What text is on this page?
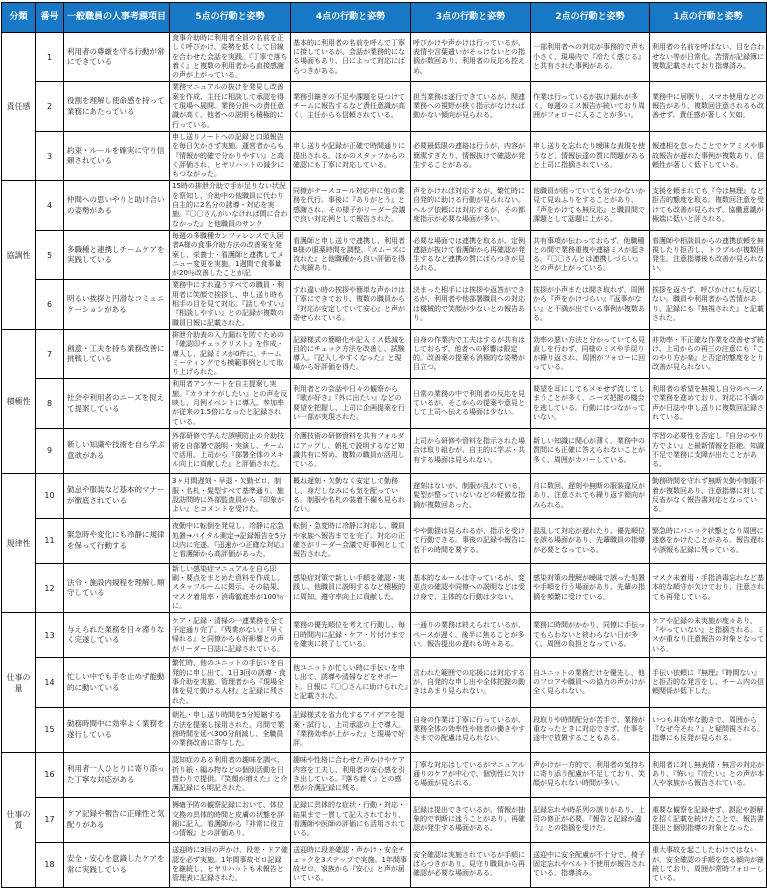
分類	番号	一般職員の人事考課項目	5点の行動と姿勢	4点の行動と姿勢	3点の行動と姿勢	2点の行動と姿勢	1点の行動と姿勢
責任感	1	利用者の尊厳を守る行動が常にできている	食事介助時に利用者全員の名前を正しく呼びかけ、姿勢を低くして目線を合わせた会話を実践。『丁寧で落ち着く』と複数の利用者から直接感謝の声が上がっている。	基本的に利用者の名前を呼んで丁寧に接しているが、会話が業務的になる場面もあり、日によって対応にばらつきがある。	呼びかけや声かけは行っているが、表情や言葉遣いがそっけないとの指摘が数回あり、利用者の反応も控えめ。	一部利用者への対応が事務的で声も小さく、現場内で『冷たく感じる』と共有された事例がある。	利用者の名前を呼ばない、目を合わせない等が日常化。苦情が記録簿に複数記載されており指導済み。
	2	役割を理解し使命感を持って業務にあたっている	業務マニュアルの抜けを発見し改善案を作成、主任に相談して承認を得て現場へ展開。業務分担への責任意識が高く、他者への説明も積極的に行っている。	業務引継ぎの不足や課題を見つけてチームに報告するなど責任意識が高く、主任からも信頼されている。	担当業務は遂行できているが、関連業務への視野が狭く指示がなければ動かない傾向が見られる。	作業は行っているが抜け漏れが多く、毎週のミス報告が続いており周囲がフォローに入ることが多い。	業務中に居眠り、スマホ使用などの報告があり、複数回注意されるも改善せず、責任感が著しく欠如。
	3	約束・ルールを確実に守り信頼されている	申し送りノートへの記録と口頭報告を毎日欠かさず実施。運営者からも『情報が的確で分かりやすい』と高く評価され、ヒヤリハットの減少にもつながった。	申し送りや記録が正確で時間通りに提出される。ほかのスタッフからの確認にも丁寧に対応している。	必要最低限の連絡は行うが、内容が簡潔すぎたり、情報抜けで確認が発生することがある。	申し送りを忘れたり曖昧な表現を使うなど、情報伝達の質に問題があると上司に指摘されている。	報連相を怠ったことでケアミスや事故報告が遅れた事例が複数あり、信頼性が著しく低下している。
協調性	4	仲間への思いやりと助け合いの姿勢がある	15時の排泄介助で手が足りない状況を察知し、介助中の他職員に代わり自主的に2名分の誘導・対応を実施。『〇〇さんがいなければ間に合わなかった』と他職員のサンク	同僚がナースコール対応中に他の業務を代行。事後に『ありがとう』と感謝され、その様子がリーダー会議で良い対応例として報告された。	声をかければ対応するが、繁忙時に自発的に助ける行動が見られない。ヘルプ依頼には対応するが、その都度指示が必要な場面が多い。	他職員が困っていても気づかないか見て見ぬふりをすることがあり、『声をかけても無反応』と職員間で課題として話題に上がる。	支援を頼まれても『今は無理』など拒否的態度を取る。複数回注意を受けても改善が見られず、協働意識が極端に低いと評される。
	5	多職種と連携しチームケアを実践している	毎週の多職種カンファレンスで入居者A様の食事介助方法の改善案を発案し、栄養士・看護師と連携してメニュー変更を実施。1週間で食事量が20％改善したことが記	看護師と申し送りで連携し、利用者B様の服薬時間を調整。『スムーズに流れた』と他職種から良い評価を得た実績あり。	必要な場面では連携を取るが、定例連絡が抜けて看護師から再確認が発生するなど連携の質にばらつきが見られる。	共有事項が伝わっておらず、他職種との間で業務重複や連絡ミスが起きる。『〇〇さんとは連携しづらい』との声が上がっている。	看護師や相談員からの連携依頼を無視したり拒否し、トラブルが複数回発生。注意指導後も改善が見られない。
	6	明るい挨拶と円滑なコミュニケーションがある	業務中にすれ違うすべての職員・利用者に笑顔で挨拶し、申し送り時も相手の目を見て対応。『話しやすい』『相談しやすい』との記録が複数の職員日報に記載された。	すれ違い時の挨拶や簡単な声かけは丁寧にできており、複数の職員から『対応が安定していて安心』と声が寄せられている。	決まった相手には挨拶や返答ができるが、利用者や他部署職員への対応は機械的で笑顔が少ないとの報告あり。	挨拶が小声または聞き取れず、周囲から『声をかけづらい』『返事がない』と不満が出ている事例が複数ある。	挨拶を返さず、呼びかけにも反応しない。職員や利用者から苦情があり、記録にも『無視された』と記載された。
積極性	7	創意・工夫を持ち業務改善に挑戦している	排泄介助表の入力漏れを防ぐための『確認印チェックリスト』を作成・導入し、記録ミスが0件に。チームミーティングでも模範事例として取り上げられた。	記録様式の簡略化や記入ミス低減を目的にチェック方法を改善し、試験導入。『記入しやすくなった』と現場から好評価を得た。	自身の作業内で工夫はするが共有はしておらず、他者への影響は限定的。改善案の提案も消極的な姿勢が目立つ。	効率の悪い方法と分かっていても見直しを行わず、同様のミスや手戻りが繰り返され、周囲がフォローに回っている。	非効率・不正確な作業を改善せず続け、上司からの再三の注意にも『このやり方が楽』と否定的態度をとり改善が見られない。
	8	社会や利用者のニーズを捉えて提案している	利用者アンケートを自主提案し実施。『カラオケがしたい』との声を反映し、月例イベントに導入。参加率が従来の1.5倍になったと記録されている。	利用者との会話や日々の観察から『歌が好き』『外に出たい』などの要望を把握し、上司に企画提案を行い一部が実現された。	日常の業務の中で利用者の反応を見ているが、そこからの提案や意見として上司へ伝える場面は少ない。	要望を耳にしてもメモせず流してしまうことが多く、ニーズ把握の機会を逃している。行動にはつながっていない。	利用者の希望を無視し自分のペースで業務を進めており、対応に不満の声が日誌や申し送りに複数回記録されている。
	9	新しい知識や技術を自ら学ぶ意欲がある	外部研修で学んだ誤嚥防止の介助技術を自部署で説明・実演し、チームで活用。上司から『部署全体のスキル向上に貢献した』と評価された。	介護技術の研修資料を共有フォルダにアップし、朝礼で説明するなど知識共有に努め、複数の職員が活用している。	上司から研修や資料を指示された場合は取り組むが、自主的に学ぶ・共有する場面は見られない。	新しい知識に関心が薄く、業務中の質問にも正確に答えられないことが多く、周囲がカバーしている。	学習の必要性を否定し『自分のやり方でよい』と最新情報を拒絶。知識不足で業務に支障が出たことがある。
規律性	10	勤怠や服装など基本的マナーが徹底されている	3ヶ月間遅刻・早退・欠勤ゼロ、制服・名札・髪型すべて基準通り。施設訪問時に外部監査員から『印象がよい』とコメントを受けた。	概ね遅刻・欠勤なく安定して勤務し、身だしなみにも気を配っている。制服や名札の装着不備も見られない。	遅刻はないが、制服が乱れている、髪型が整っていないなどの軽微な指摘が複数回あった。	月に数回、遅刻や無断の服装違反があり、注意されても繰り返す傾向がみられる。	勤務時間を守れず無断欠勤や制服不着が複数回あり、注意指導に対して反省がなく報告書対応となっている。
	11	緊急時や変化にも冷静に規律を保って行動する	夜勤中に転倒を発見し、冷静に応急処置→バイタル測定→記録報告を5分以内に完遂。『迅速かつ正確な対応』と看護師から高評価があった。	転倒・急変時に冷静に対応し、職員や家族へ報告までを完了。対応の正確さがリーダー会議で好事例として報告された。	やや動揺は見られるが、指示を受けて行動できる。事後の記録や報告に若干の時間を要する。	混乱して対応が遅れたり、優先順位を誤る場面があり、先輩職員の指導が必要となっている。	緊急時にパニック状態となり周囲に迷惑をかけたことがある。報告遅れや誤報も記録に残っている。
	12	法令・施設内規程を理解し順守している	新しい感染症マニュアルを自ら印刷・要点をまとめた資料を作成し、スタッフルームに掲示。その結果、マスク着用率・消毒徹底率が100％に。	感染症対策で新しい手順を確認・実践し、他職員に説明するなど積極的に周知。遵守率向上に貢献した。	基本的なルールは守っているが、変更点の確認や同僚への説明などは受け身で、主体的な行動は少ない。	感染対策の理解が曖昧で誤った処置や手順を行う場面があり、先輩の指摘を頻繁に受けている。	マスク未着用・手指消毒忘れなど基本的な順守が欠けており、注意されても再発している。
仕事の量	13	与えられた業務を日々滞りなく完遂している	ケア・記録・清掃の一連業務を全て予定通り完了。『残業がない』『早く帰れる』と同僚からも好影響との声がリーダー日誌に記録されている。	業務の優先順位を考えて行動し、毎日時間内に記録・ケア・片付けまでを確実に終了している。	一通りの業務は終えられているが、ペースが遅く、後半に焦ることが多い。報告提出の遅れも時々ある。	業務に時間がかかり、同僚に手伝ってもらわないと終わらない日が多く、周囲の負担となっている。	ケアや記録の未実施が度々あり、『やっていない』と指摘される。ミスが重なり注意報告の対象となっている。
	14	忙しい中でも手を止めず能動的に動いている	繁忙時、他のユニットの手伝いを自発的に申し出て、1日3回の誘導・食事介助を実施。管理者から『現場全体を見て動ける人材』と記録に残された。	他ユニットが忙しい時に手伝いを申し出て、誘導や清掃などをサポート。日報に『〇〇さんに助けられた』と記載された。	言われた範囲での応援には対応するが、自発的な申し出や全体把握の動きはあまり見られない。	自ユニットの業務だけを優先し、他のフロアや職員への協力の声かけが全く見られない。	手伝い依頼に『無理』『時間ない』と拒否的な発言をし、チーム内の信頼関係が低下した。
	15	勤務時間中に効率よく業務を遂行している	朝礼・申し送り時間を5分短縮する方法を提案し採用された。月間で業務時間を延べ300分削減し、全職員の業務改善に寄与した。	記録様式を省力化するアイデアを提案・試行し、上司承認の上で導入。『業務効率が上がった』と現場で好評。	自身の作業は丁寧に行っているが、業務全体の効率性や他者の働きやすさまでの配慮は見られない。	段取りや時間配分が苦手で、業務が重なったときに対応できず、仕事を途中で放置することもある。	いつも非効率な動きで、周囲から『なぜ今それ？』と疑問視される。指導にも反発が見られる。
仕事の質	16	利用者一人ひとりに寄り添った丁寧な対応がある	認知症のある利用者の趣味を調べ、折り紙・編み物などの個別活動を日替わりで提供。『笑顔が増えた』と介護記録にも明記された。	趣味や性格に合わせた声かけやケア内容を工夫し、利用者の安心感を引き出している。『落ち着く』との感想が介護記録に残る。	丁寧な対応はしているがマニュアル通りのケアが中心で、個別性に欠ける場面が見られる。	声かけが一方的で、利用者の気持ちに寄り添う配慮が不足しており、笑顔が見られない時間が多い。	利用者に対し無表情・無言の対応があり、『怖い』『冷たい』との声が本人や家族から報告されている。
	17	ケア記録や報告に正確性と気配りがある	褥瘡予防の観察記録において、体位交換の具体的時間と皮膚の状態を詳細に記入。看護師から『非常に役立つ情報』との評価あり。	記録に具体的な症状・行動・対応・結果まで一貫して記入されており、看護師や医師の評価にも活用されている。	記録は提出できているが、情報が抽象的で判断に迷うことがあり、再確認が発生する場面がある。	記録忘れや時系列の誤りがあり、上司の修正が必要。『報告と記録が違う』との指摘を受けた。	重要な観察を記録せず、誤記や誤解を招く記載を続けたことで、報告書提出と個別指導の対象となった。
	18	安全・安心を意識したケアを常に実践している	送迎時に3回の声かけ、段差・ドア確認を必ず実施。1年間事故ゼロ記録を継続し、ヒヤリハットも未報告と管理表に記録された。	送迎時に段差確認・声かけ・安全チェックを3ステップで実施。1年間事故ゼロ、家族から『安心』と声が届いている。	安全確認は実施されているが手順にばらつきがあり、見守り職員から再確認が必要な場面がある。	送迎中に安全配慮が不十分で、椅子固定忘れやベルト不使用が報告されている。指導済み。	重大事故を起こしたわけではないが、安全確認の手順を怠る傾向が継続しており、周囲が常時フォローしている。
